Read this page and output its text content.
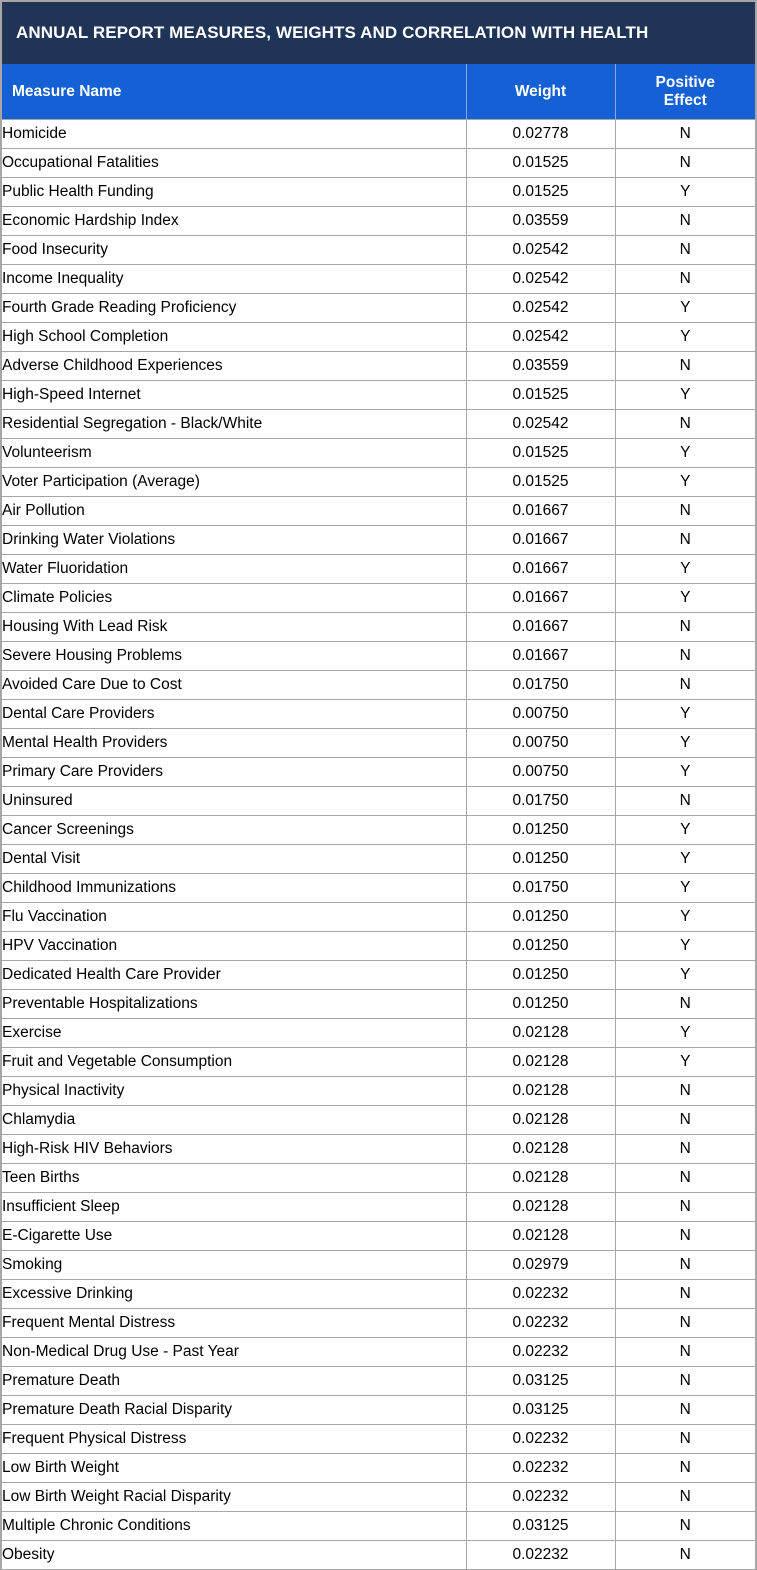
ANNUAL REPORT MEASURES, WEIGHTS AND CORRELATION WITH HEALTH		
Measure Name	Weight	Positive
Effect
Homicide	0.02778	N
Occupational Fatalities	0.01525	N
Public Health Funding	0.01525	Y
Economic Hardship Index	0.03559	N
Food Insecurity	0.02542	N
Income Inequality	0.02542	N
Fourth Grade Reading Proficiency	0.02542	Y
High School Completion	0.02542	Y
Adverse Childhood Experiences	0.03559	N
High-Speed Internet	0.01525	Y
Residential Segregation - Black/White	0.02542	N
Volunteerism	0.01525	Y
Voter Participation (Average)	0.01525	Y
Air Pollution	0.01667	N
Drinking Water Violations	0.01667	N
Water Fluoridation	0.01667	Y
Climate Policies	0.01667	Y
Housing With Lead Risk	0.01667	N
Severe Housing Problems	0.01667	N
Avoided Care Due to Cost	0.01750	N
Dental Care Providers	0.00750	Y
Mental Health Providers	0.00750	Y
Primary Care Providers	0.00750	Y
Uninsured	0.01750	N
Cancer Screenings	0.01250	Y
Dental Visit	0.01250	Y
Childhood Immunizations	0.01750	Y
Flu Vaccination	0.01250	Y
HPV Vaccination	0.01250	Y
Dedicated Health Care Provider	0.01250	Y
Preventable Hospitalizations	0.01250	N
Exercise	0.02128	Y
Fruit and Vegetable Consumption	0.02128	Y
Physical Inactivity	0.02128	N
Chlamydia	0.02128	N
High-Risk HIV Behaviors	0.02128	N
Teen Births	0.02128	N
Insufficient Sleep	0.02128	N
E-Cigarette Use	0.02128	N
Smoking	0.02979	N
Excessive Drinking	0.02232	N
Frequent Mental Distress	0.02232	N
Non-Medical Drug Use - Past Year	0.02232	N
Premature Death	0.03125	N
Premature Death Racial Disparity	0.03125	N
Frequent Physical Distress	0.02232	N
Low Birth Weight	0.02232	N
Low Birth Weight Racial Disparity	0.02232	N
Multiple Chronic Conditions	0.03125	N
Obesity	0.02232	N
